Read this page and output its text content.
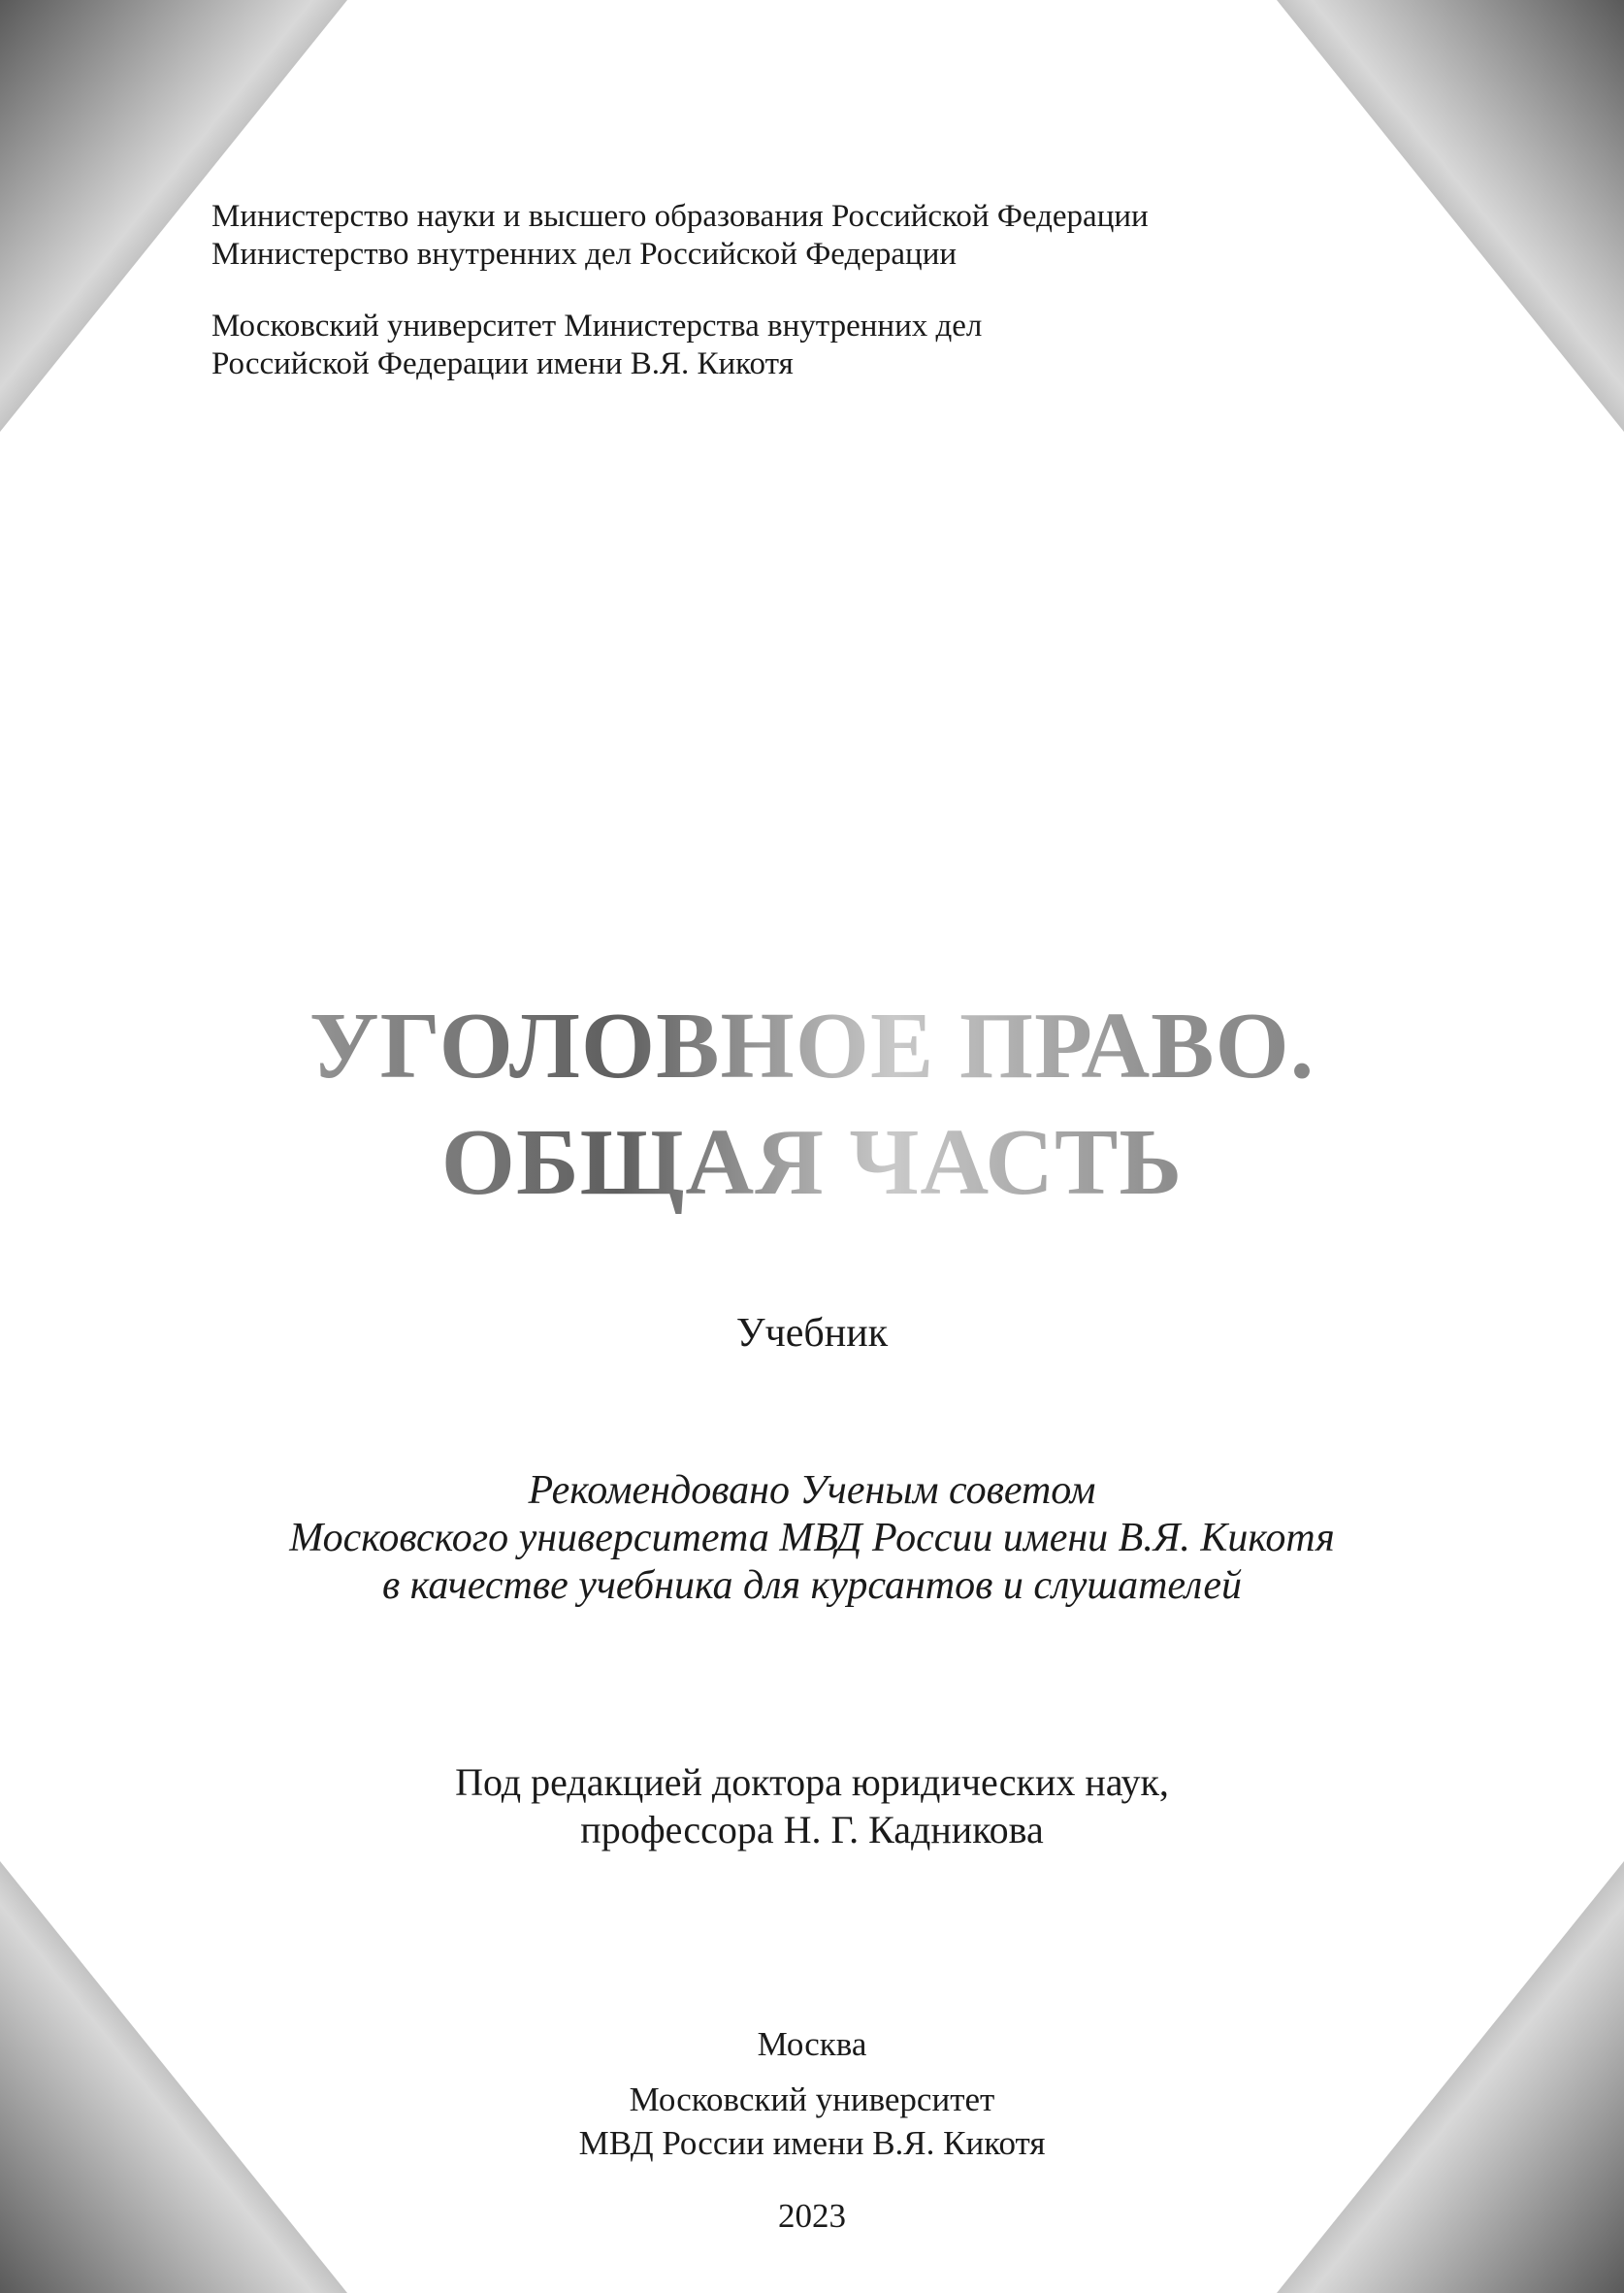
Министерство науки и высшего образования Российской Федерации
Министерство внутренних дел Российской Федерации
Московский университет Министерства внутренних дел
Российской Федерации имени В.Я. Кикотя
УГОЛОВНОЕ ПРАВО.
ОБЩАЯ ЧАСТЬ
Учебник
Рекомендовано Ученым советом
Московского университета МВД России имени В.Я. Кикотя
в качестве учебника для курсантов и слушателей
Под редакцией доктора юридических наук,
профессора Н. Г. Кадникова
Москва
Московский университет
МВД России имени В.Я. Кикотя
2023
